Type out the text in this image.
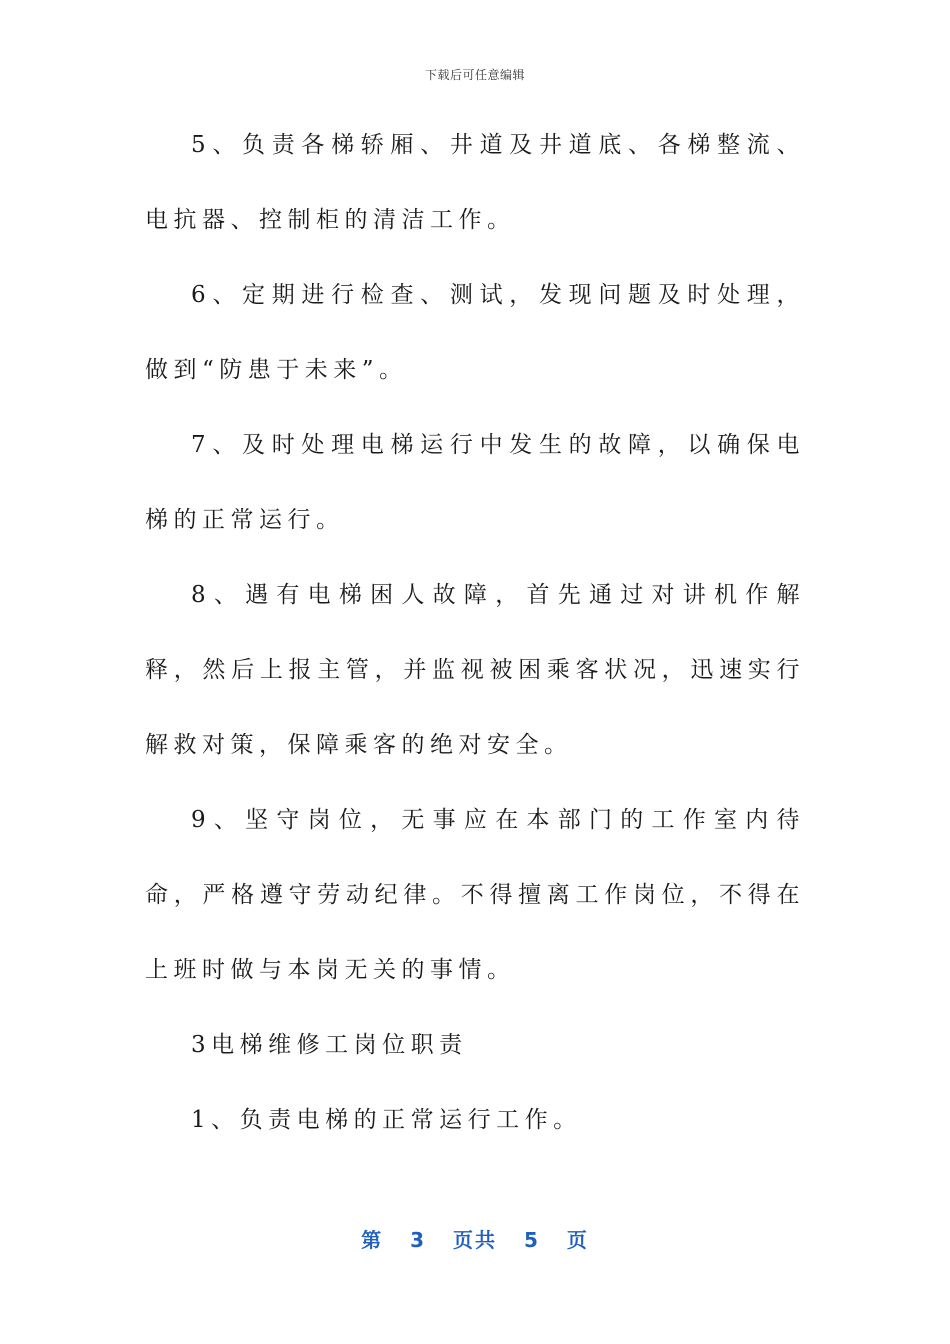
下载后可任意编辑

5、负责各梯轿厢、井道及井道底、各梯整流、电抗器、控制柜的清洁工作。

6、定期进行检查、测试，发现问题及时处理，做到“防患于未来”。

7、及时处理电梯运行中发生的故障，以确保电梯的正常运行。

8、遇有电梯困人故障，首先通过对讲机作解释，然后上报主管，并监视被困乘客状况，迅速实行解救对策，保障乘客的绝对安全。

9、坚守岗位，无事应在本部门的工作室内待命，严格遵守劳动纪律。不得擅离工作岗位，不得在上班时做与本岗无关的事情。

3电梯维修工岗位职责

1、负责电梯的正常运行工作。

第 3 页共 5 页
